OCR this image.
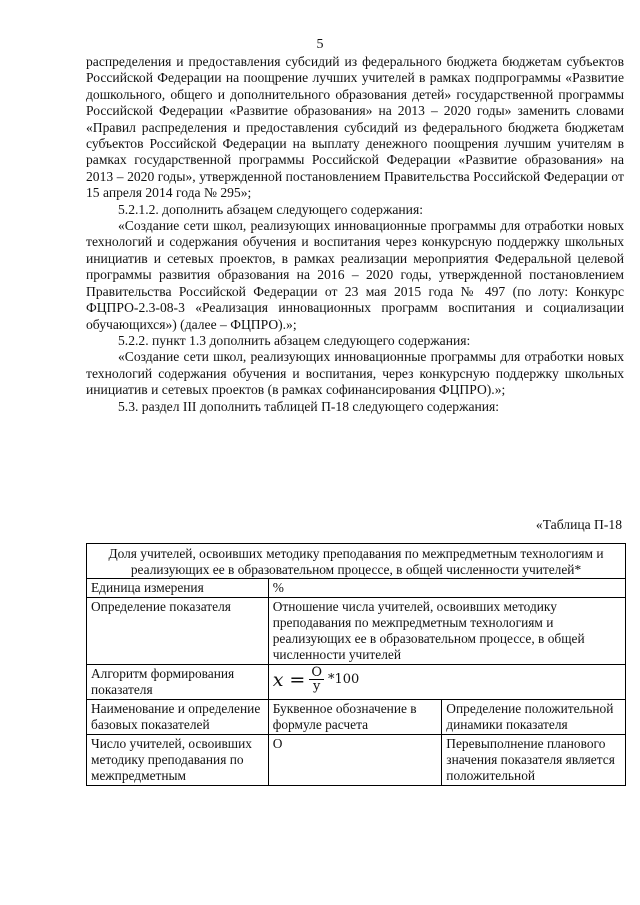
5

распределения и предоставления субсидий из федерального бюджета бюджетам субъектов Российской Федерации на поощрение лучших учителей в рамках подпрограммы «Развитие дошкольного, общего и дополнительного образования детей» государственной программы Российской Федерации «Развитие образования» на 2013 – 2020 годы» заменить словами «Правил распределения и предоставления субсидий из федерального бюджета бюджетам субъектов Российской Федерации на выплату денежного поощрения лучшим учителям в рамках государственной программы Российской Федерации «Развитие образования» на 2013 – 2020 годы», утвержденной постановлением Правительства Российской Федерации от 15 апреля 2014 года № 295»;

5.2.1.2. дополнить абзацем следующего содержания:

«Создание сети школ, реализующих инновационные программы для отработки новых технологий и содержания обучения и воспитания через конкурсную поддержку школьных инициатив и сетевых проектов, в рамках реализации мероприятия Федеральной целевой программы развития образования на 2016 – 2020 годы, утвержденной постановлением Правительства Российской Федерации от 23 мая 2015 года № 497 (по лоту: Конкурс ФЦПРО-2.3-08-3 «Реализация инновационных программ воспитания и социализации обучающихся») (далее – ФЦПРО).»;

5.2.2. пункт 1.3 дополнить абзацем следующего содержания:

«Создание сети школ, реализующих инновационные программы для отработки новых технологий содержания обучения и воспитания, через конкурсную поддержку школьных инициатив и сетевых проектов (в рамках софинансирования ФЦПРО).»;

5.3. раздел III дополнить таблицей П-18 следующего содержания:

«Таблица П-18
Доля учителей, освоивших методику преподавания по межпредметным технологиям и реализующих ее в образовательном процессе, в общей численности учителей*		
Единица измерения	%	
Определение показателя	Отношение числа учителей, освоивших методику преподавания по межпредметным технологиям и реализующих ее в образовательном процессе, в общей численности учителей	
Алгоритм формирования показателя	$x = \frac{O}{y} *100$	

Наименование и определение базовых показателей	Буквенное обозначение в формуле расчета	Определение положительной динамики показателя
Число учителей, освоивших методику преподавания по межпредметным	О	Перевыполнение планового значения показателя является положительной
